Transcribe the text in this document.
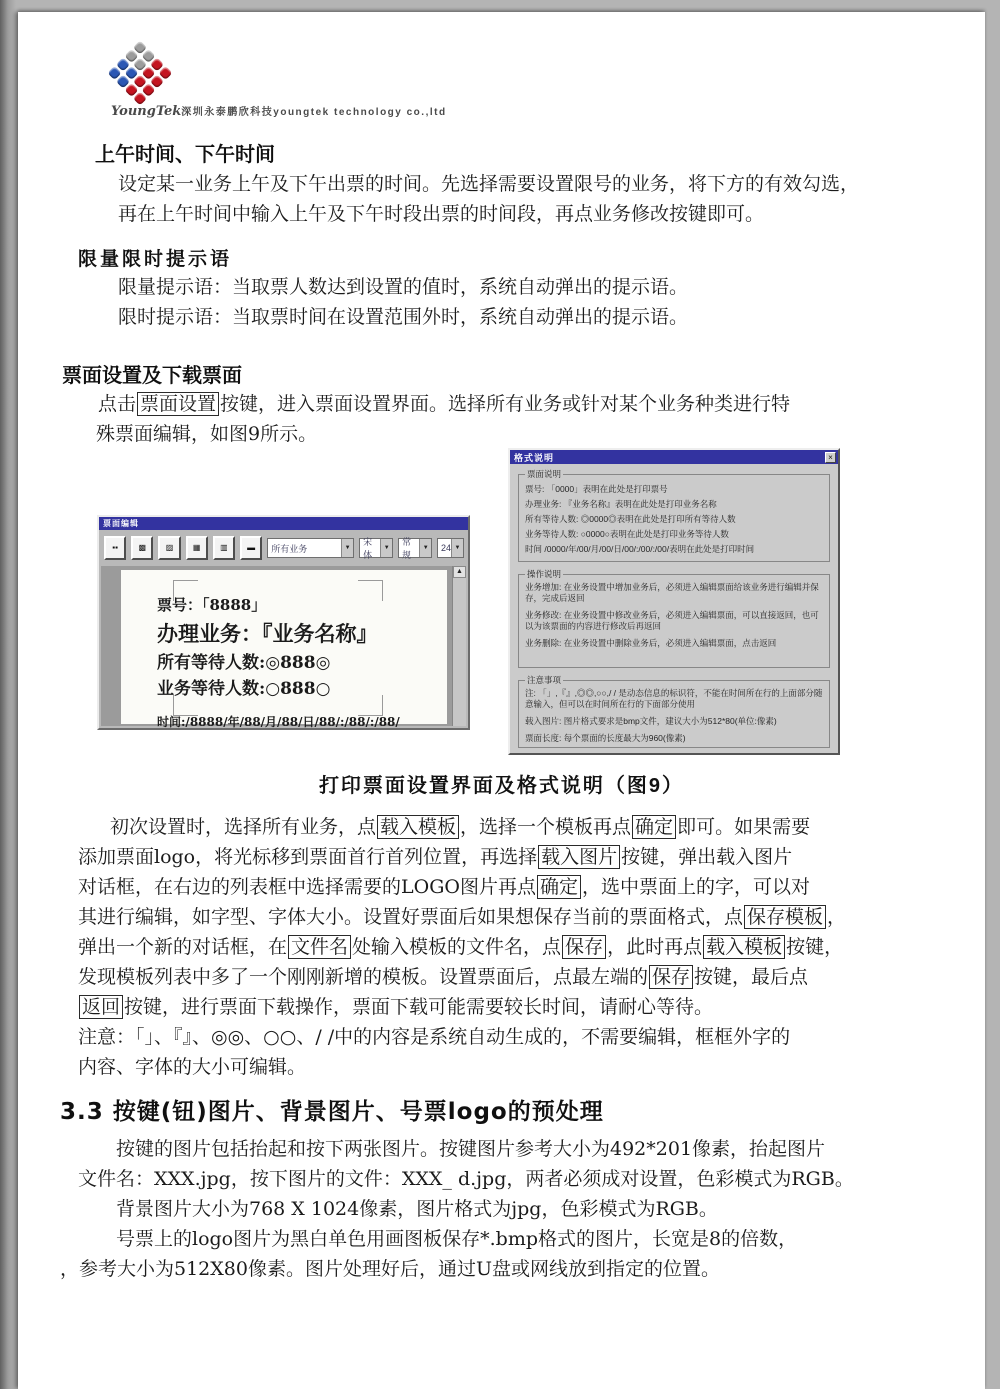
YoungTek深圳永泰鹏欣科技youngtek technology co.,ltd
上午时间、下午时间
设定某一业务上午及下午出票的时间。先选择需要设置限号的业务，将下方的有效勾选，
再在上午时间中输入上午及下午时段出票的时间段，再点业务修改按键即可。
限量限时提示语
限量提示语：当取票人数达到设置的值时，系统自动弹出的提示语。
限时提示语：当取票时间在设置范围外时，系统自动弹出的提示语。
票面设置及下载票面
点击 票面设置 按键，进入票面设置界面。选择所有业务或针对某个业务种类进行特
殊票面编辑，如图9所示。
票面编辑
▪▪	▩	▨	▦	▥	▬	所有业务	▼
宋体
▼
常规
▼ 24 ▼
票号：「8888」
办理业务：『业务名称』
所有等待人数:◎888◎
业务等待人数:○888○
时间:/8888/年/88/月/88/日/88/:/88/:/88/
▲
格式说明	×
票面说明
票号: 「0000」表明在此处是打印票号
办理业务: 『业务名称』表明在此处是打印业务名称
所有等待人数: ◎0000◎表明在此处是打印所有等待人数
业务等待人数: ○0000○表明在此处是打印业务等待人数
时间 /0000/年/00/月/00/日/00/:/00/:/00/表明在此处是打印时间
操作说明
业务增加: 在业务设置中增加业务后，必须进入编辑票面给该业务进行编辑并保存，完成后返回
业务修改: 在业务设置中修改业务后，必须进入编辑票面，可以直接返回，也可以为该票面的内容进行修改后再返回
业务删除: 在业务设置中删除业务后，必须进入编辑票面，点击返回
注意事项
注: 「」,『』,◎◎,○○,/ / 是动态信息的标识符，不能在时间所在行的上面部分随意输入，但可以在时间所在行的下面部分使用
载入图片: 图片格式要求是bmp文件，建议大小为512*80(单位:像素)
票面长度: 每个票面的长度最大为960(像素)
打印票面设置界面及格式说明（图9）
初次设置时，选择所有业务，点 载入模板 ，选择一个模板再点 确定 即可。如果需要
添加票面logo，将光标移到票面首行首列位置，再选择 载入图片 按键，弹出载入图片
对话框，在右边的列表框中选择需要的LOGO图片再点 确定 ，选中票面上的字，可以对
其进行编辑，如字型、字体大小。设置好票面后如果想保存当前的票面格式，点 保存模板 ，
弹出一个新的对话框，在 文件名 处输入模板的文件名，点 保存 ，此时再点 载入模板 按键，
发现模板列表中多了一个刚刚新增的模板。设置票面后，点最左端的 保存 按键，最后点
返回 按键，进行票面下载操作，票面下载可能需要较长时间，请耐心等待。
注意：「」、『』、◎◎、○○、/ /中的内容是系统自动生成的，不需要编辑，框框外字的
内容、字体的大小可编辑。
3.3 按键(钮)图片、背景图片、号票logo的预处理
按键的图片包括抬起和按下两张图片。按键图片参考大小为492*201像素，抬起图片
文件名：XXX.jpg，按下图片的文件：XXX_ d.jpg，两者必须成对设置，色彩模式为RGB。
背景图片大小为768 X 1024像素，图片格式为jpg，色彩模式为RGB。
号票上的logo图片为黑白单色用画图板保存*.bmp格式的图片，长宽是8的倍数，
，参考大小为512X80像素。图片处理好后，通过U盘或网线放到指定的位置。
